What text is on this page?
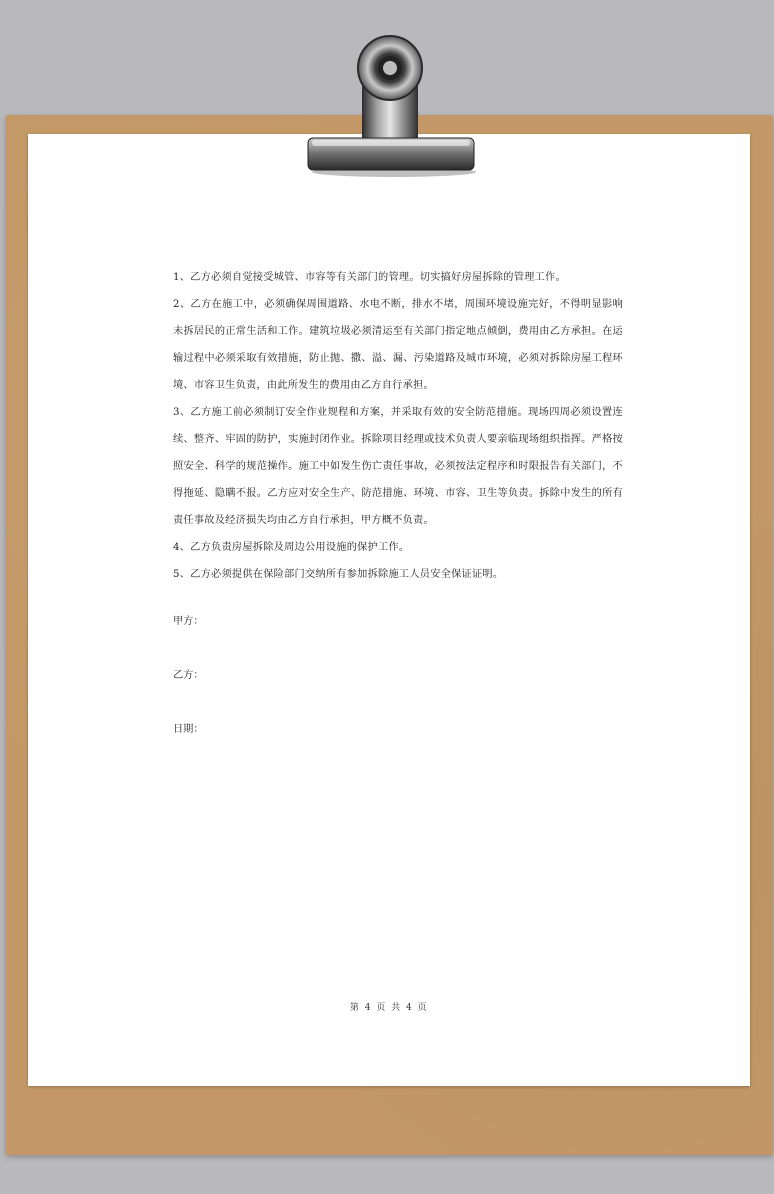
1、乙方必须自觉接受城管、市容等有关部门的管理。切实搞好房屋拆除的管理工作。

2、乙方在施工中，必须确保周围道路、水电不断，排水不堵，周围环境设施完好，不得明显影响未拆居民的正常生活和工作。建筑垃圾必须清运至有关部门指定地点倾倒，费用由乙方承担。在运输过程中必须采取有效措施，防止抛、撒、溢、漏、污染道路及城市环境，必须对拆除房屋工程环境、市容卫生负责，由此所发生的费用由乙方自行承担。

3、乙方施工前必须制订安全作业规程和方案，并采取有效的安全防范措施。现场四周必须设置连续、整齐、牢固的防护，实施封闭作业。拆除项目经理或技术负责人要亲临现场组织指挥。严格按照安全、科学的规范操作。施工中如发生伤亡责任事故，必须按法定程序和时限报告有关部门，不得拖延、隐瞒不报。乙方应对安全生产、防范措施、环境、市容、卫生等负责。拆除中发生的所有责任事故及经济损失均由乙方自行承担，甲方概不负责。

4、乙方负责房屋拆除及周边公用设施的保护工作。

5、乙方必须提供在保险部门交纳所有参加拆除施工人员安全保证证明。

甲方：
乙方：
日期：
第 4 页 共 4 页
